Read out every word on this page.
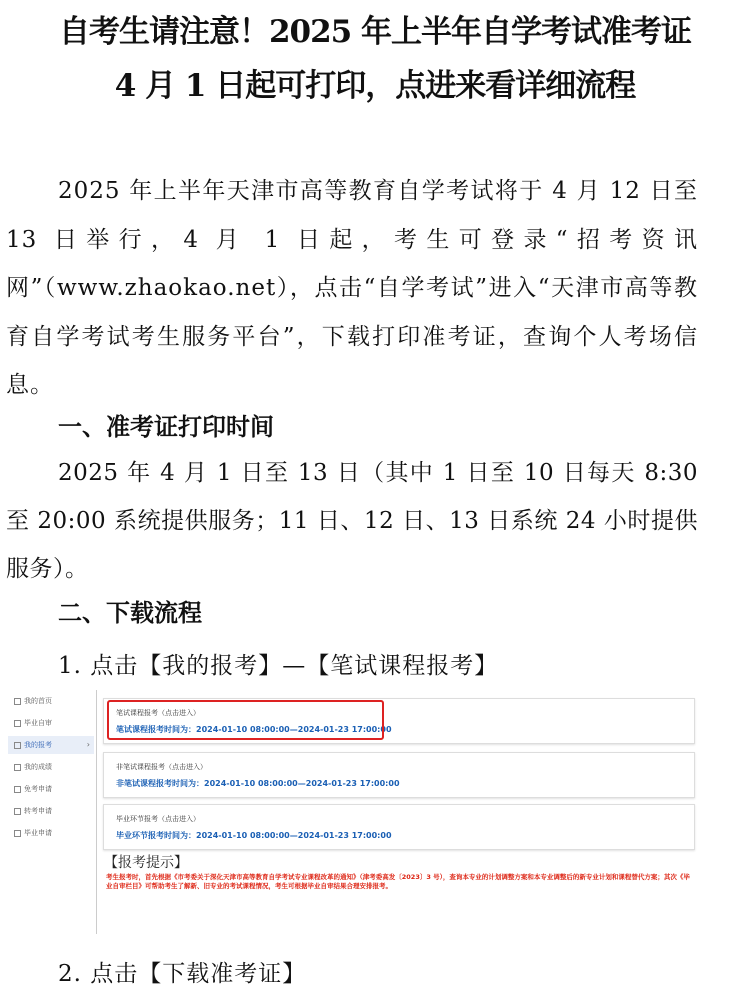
自考生请注意！2025 年上半年自学考试准考证
4 月 1 日起可打印，点进来看详细流程
2025 年上半年天津市高等教育自学考试将于 4 月 12 日至 13 日举行，4 月 1 日起，考生可登录“招考资讯网”（www.zhaokao.net），点击“自学考试”进入“天津市高等教育自学考试考生服务平台”，下载打印准考证，查询个人考场信息。
一、准考证打印时间
2025 年 4 月 1 日至 13 日（其中 1 日至 10 日每天 8:30 至 20:00 系统提供服务；11 日、12 日、13 日系统 24 小时提供服务）。
二、下载流程
1. 点击【我的报考】—【笔试课程报考】
我的首页
毕业自审
我的报考	›
我的成绩
免考申请
转考申请
毕业申请
笔试课程报考（点击进入）
笔试课程报考时间为：2024-01-10 08:00:00—2024-01-23 17:00:00
非笔试课程报考（点击进入）
非笔试课程报考时间为：2024-01-10 08:00:00—2024-01-23 17:00:00
毕业环节报考（点击进入）
毕业环节报考时间为：2024-01-10 08:00:00—2024-01-23 17:00:00
【报考提示】
考生报考时，首先根据《市考委关于深化天津市高等教育自学考试专业课程改革的通知》（津考委高发〔2023〕3 号），查询本专业的计划调整方案和本专业调整后的新专业计划和课程替代方案；其次《毕业自审栏目》可帮助考生了解新、旧专业的考试课程情况，考生可根据毕业自审结果合理安排报考。
2. 点击【下载准考证】
